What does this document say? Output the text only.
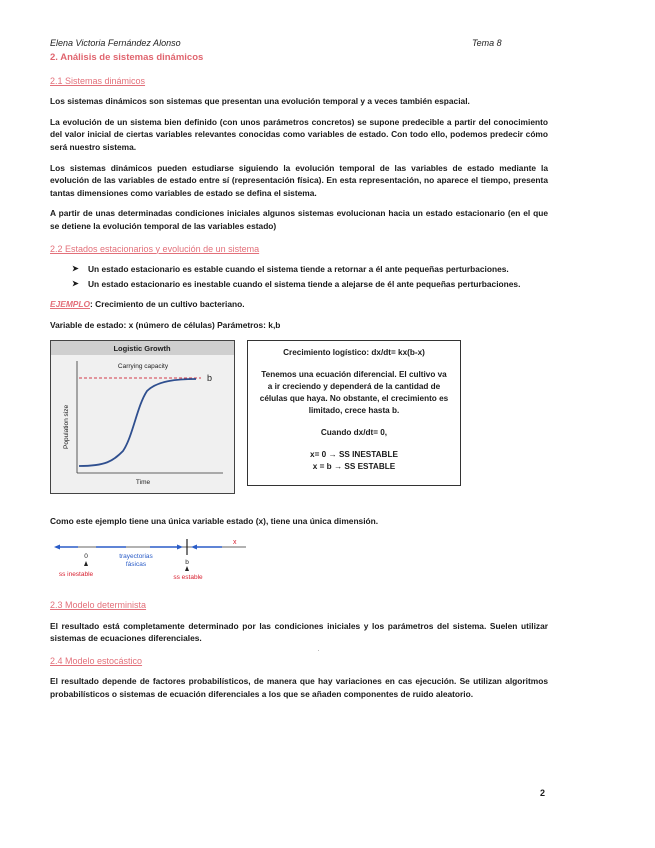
Elena Victoria Fernández Alonso	Tema 8
2. Análisis de sistemas dinámicos
2.1 Sistemas dinámicos

Los sistemas dinámicos son sistemas que presentan una evolución temporal y a veces también espacial.

La evolución de un sistema bien definido (con unos parámetros concretos) se supone predecible a partir del conocimiento del valor inicial de ciertas variables relevantes conocidas como variables de estado. Con todo ello, podemos predecir cómo será nuestro sistema.

Los sistemas dinámicos pueden estudiarse siguiendo la evolución temporal de las variables de estado mediante la evolución de las variables de estado entre sí (representación física). En esta representación, no aparece el tiempo, presenta tantas dimensiones como variables de estado se defina el sistema.

A partir de unas determinadas condiciones iniciales algunos sistemas evolucionan hacia un estado estacionario (en el que se detiene la evolución temporal de las variables estado)

2.2 Estados estacionarios y evolución de un sistema
➤ Un estado estacionario es estable cuando el sistema tiende a retornar a él ante pequeñas perturbaciones.
➤ Un estado estacionario es inestable cuando el sistema tiende a alejarse de él ante pequeñas perturbaciones.

EJEMPLO: Crecimiento de un cultivo bacteriano.

Variable de estado: x (número de células) Parámetros: k,b

Logistic Growth
Carrying capacity
b
Population size
Time
Crecimiento logístico: dx/dt= kx(b-x)
Tenemos una ecuación diferencial. El cultivo va a ir creciendo y dependerá de la cantidad de células que haya. No obstante, el crecimiento es limitado, crece hasta b.
Cuando dx/dt= 0,
x= 0 → SS INESTABLE
x = b → SS ESTABLE

Como este ejemplo tiene una única variable estado (x), tiene una única dimensión.

x
0	trayectorias
fásicas	b
ss inestable	ss estable
2.3 Modelo determinista

El resultado está completamente determinado por las condiciones iniciales y los parámetros del sistema. Suelen utilizar sistemas de ecuaciones diferenciales.

2.4 Modelo estocástico

El resultado depende de factores probabilísticos, de manera que hay variaciones en cas ejecución. Se utilizan algoritmos probabilísticos o sistemas de ecuación diferenciales a los que se añaden componentes de ruido aleatorio.

2
